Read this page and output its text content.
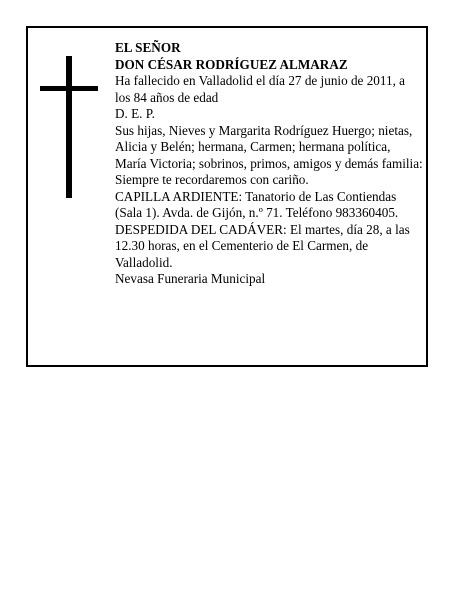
EL SEÑOR

DON CÉSAR RODRÍGUEZ ALMARAZ

Ha fallecido en Valladolid el día 27 de junio de 2011, a los 84 años de edad

D. E. P.

Sus hijas, Nieves y Margarita Rodríguez Huergo; nietas, Alicia y Belén; hermana, Carmen; hermana política, María Victoria; sobrinos, primos, amigos y demás familia:

Siempre te recordaremos con cariño.

CAPILLA ARDIENTE: Tanatorio de Las Contiendas (Sala 1). Avda. de Gijón, n.º 71. Teléfono 983360405.

DESPEDIDA DEL CADÁVER: El martes, día 28, a las 12.30 horas, en el Cementerio de El Carmen, de Valladolid.

Nevasa Funeraria Municipal
